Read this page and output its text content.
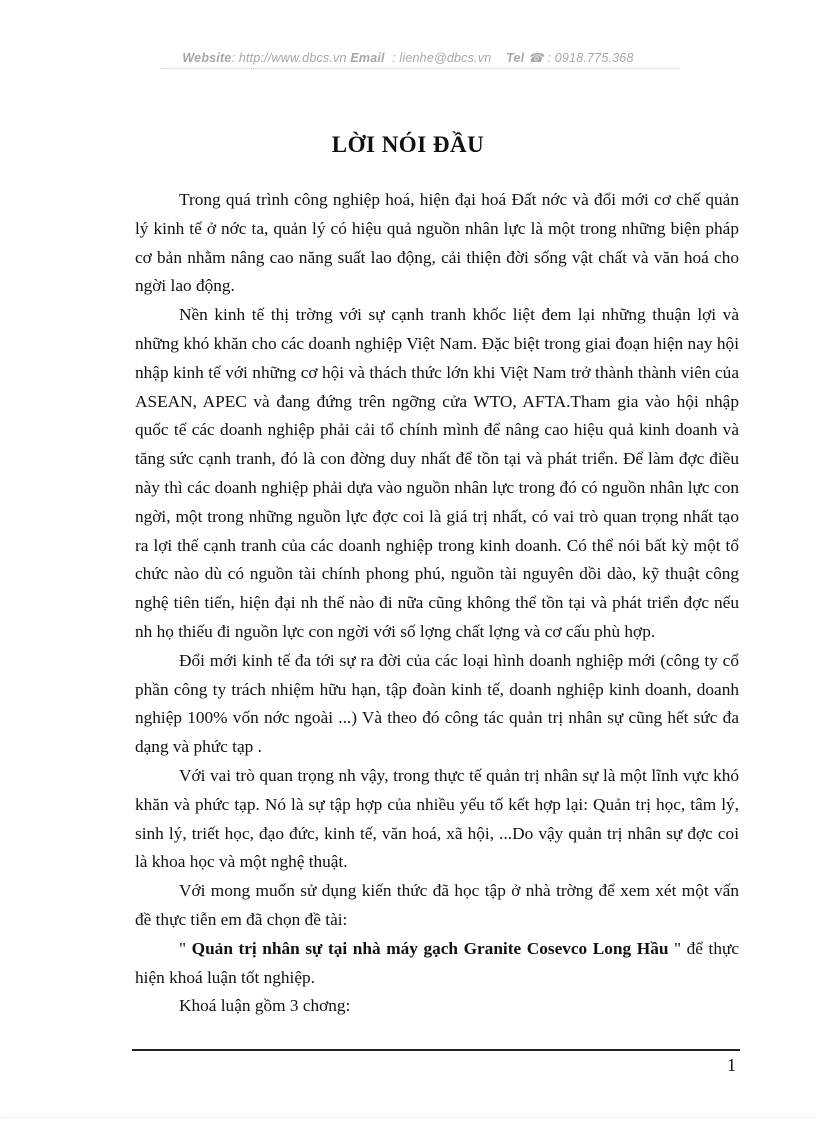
Website: http://www.dbcs.vn Email : lienhe@dbcs.vn Tel ☎ : 0918.775.368
LỜI NÓI ĐẦU

Trong quá trình công nghiệp hoá, hiện đại hoá Đất nớc và đổi mới cơ chế quản lý kinh tế ở nớc ta, quản lý có hiệu quả nguồn nhân lực là một trong những biện pháp cơ bản nhằm nâng cao năng suất lao động, cải thiện đời sống vật chất và văn hoá cho ngời lao động.

Nền kinh tế thị trờng với sự cạnh tranh khốc liệt đem lại những thuận lợi và những khó khăn cho các doanh nghiệp Việt Nam. Đặc biệt trong giai đoạn hiện nay hội nhập kinh tế với những cơ hội và thách thức lớn khi Việt Nam trở thành thành viên của ASEAN, APEC và đang đứng trên ngỡng cửa WTO, AFTA.Tham gia vào hội nhập quốc tế các doanh nghiệp phải cải tổ chính mình để nâng cao hiệu quả kinh doanh và tăng sức cạnh tranh, đó là con đờng duy nhất để tồn tại và phát triển. Để làm đợc điều này thì các doanh nghiệp phải dựa vào nguồn nhân lực trong đó có nguồn nhân lực con ngời, một trong những nguồn lực đợc coi là giá trị nhất, có vai trò quan trọng nhất tạo ra lợi thế cạnh tranh của các doanh nghiệp trong kinh doanh. Có thể nói bất kỳ một tổ chức nào dù có nguồn tài chính phong phú, nguồn tài nguyên dồi dào, kỹ thuật công nghệ tiên tiến, hiện đại nh thế nào đi nữa cũng không thể tồn tại và phát triển đợc nếu nh họ thiếu đi nguồn lực con ngời với số lợng chất lợng và cơ cấu phù hợp.

Đổi mới kinh tế đa tới sự ra đời của các loại hình doanh nghiệp mới (công ty cổ phần công ty trách nhiệm hữu hạn, tập đoàn kinh tế, doanh nghiệp kinh doanh, doanh nghiệp 100% vốn nớc ngoài ...) Và theo đó công tác quản trị nhân sự cũng hết sức đa dạng và phức tạp .

Với vai trò quan trọng nh vậy, trong thực tế quản trị nhân sự là một lĩnh vực khó khăn và phức tạp. Nó là sự tập hợp của nhiều yếu tố kết hợp lại: Quản trị học, tâm lý, sinh lý, triết học, đạo đức, kinh tế, văn hoá, xã hội, ...Do vậy quản trị nhân sự đợc coi là khoa học và một nghệ thuật.

Với mong muốn sử dụng kiến thức đã học tập ở nhà trờng để xem xét một vấn đề thực tiễn em đã chọn đề tài:

" Quản trị nhân sự tại nhà máy gạch Granite Cosevco Long Hầu " để thực hiện khoá luận tốt nghiệp.

Khoá luận gồm 3 chơng:

1
